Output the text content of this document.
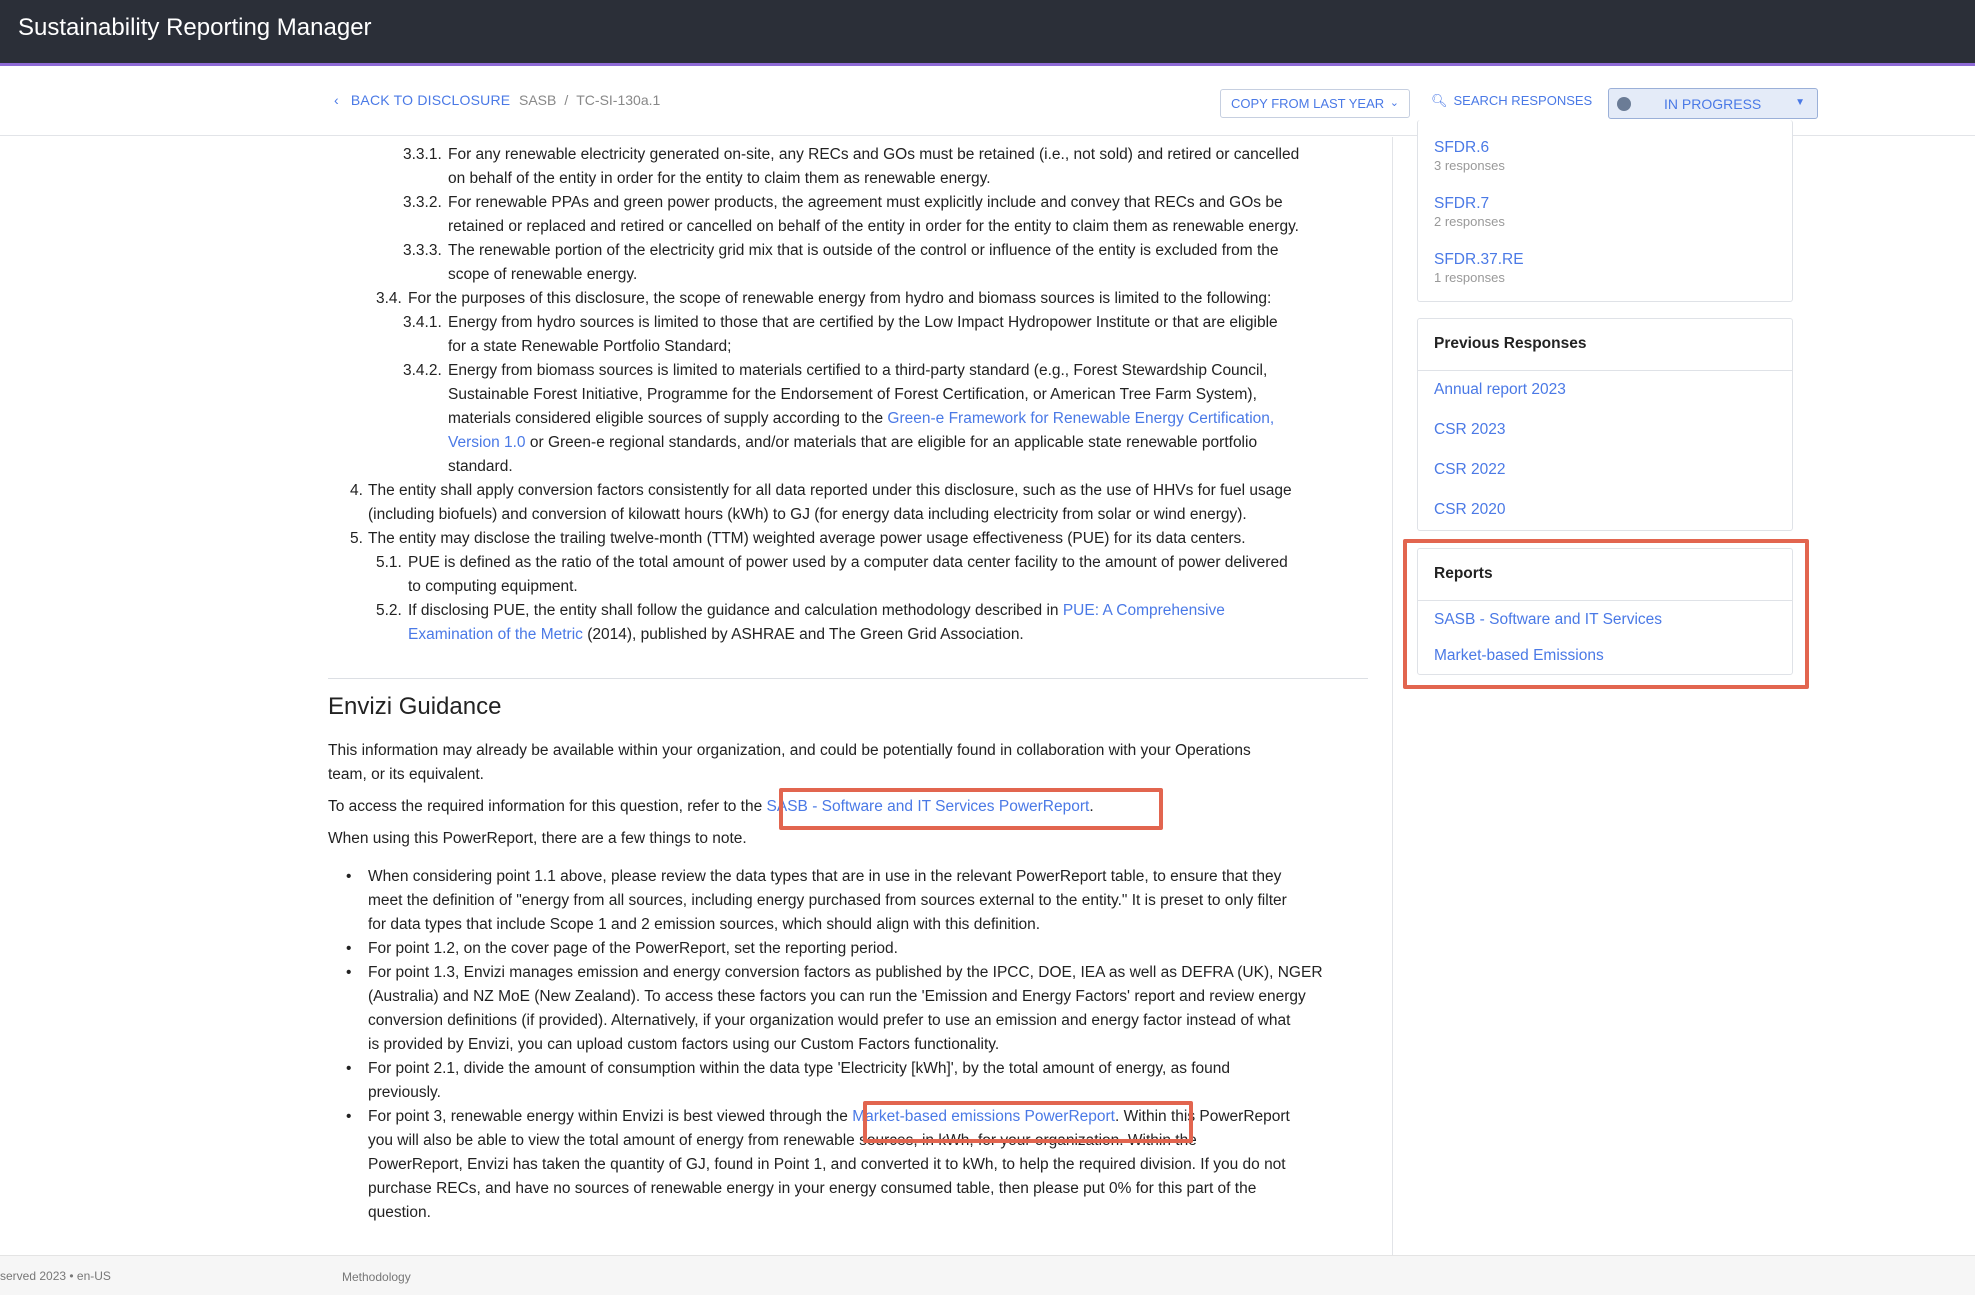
Sustainability Reporting Manager
‹ BACK TO DISCLOSURE SASB / TC-SI-130a.1	COPY FROM LAST YEAR ⌄ 🔍︎ SEARCH RESPONSES	IN PROGRESS	▼
3.3.1. For any renewable electricity generated on-site, any RECs and GOs must be retained (i.e., not sold) and retired or cancelled
on behalf of the entity in order for the entity to claim them as renewable energy.
3.3.2. For renewable PPAs and green power products, the agreement must explicitly include and convey that RECs and GOs be
retained or replaced and retired or cancelled on behalf of the entity in order for the entity to claim them as renewable energy.
3.3.3. The renewable portion of the electricity grid mix that is outside of the control or influence of the entity is excluded from the
scope of renewable energy.
3.4. For the purposes of this disclosure, the scope of renewable energy from hydro and biomass sources is limited to the following:
3.4.1. Energy from hydro sources is limited to those that are certified by the Low Impact Hydropower Institute or that are eligible
for a state Renewable Portfolio Standard;
3.4.2. Energy from biomass sources is limited to materials certified to a third-party standard (e.g., Forest Stewardship Council,
Sustainable Forest Initiative, Programme for the Endorsement of Forest Certification, or American Tree Farm System),
materials considered eligible sources of supply according to the Green-e Framework for Renewable Energy Certification,
Version 1.0 or Green-e regional standards, and/or materials that are eligible for an applicable state renewable portfolio
standard.
4. The entity shall apply conversion factors consistently for all data reported under this disclosure, such as the use of HHVs for fuel usage
(including biofuels) and conversion of kilowatt hours (kWh) to GJ (for energy data including electricity from solar or wind energy).
5. The entity may disclose the trailing twelve-month (TTM) weighted average power usage effectiveness (PUE) for its data centers.
5.1. PUE is defined as the ratio of the total amount of power used by a computer data center facility to the amount of power delivered
to computing equipment.
5.2. If disclosing PUE, the entity shall follow the guidance and calculation methodology described in PUE: A Comprehensive
Examination of the Metric (2014), published by ASHRAE and The Green Grid Association.
Envizi Guidance
This information may already be available within your organization, and could be potentially found in collaboration with your Operations
team, or its equivalent.
To access the required information for this question, refer to the SASB - Software and IT Services PowerReport.
When using this PowerReport, there are a few things to note.
• When considering point 1.1 above, please review the data types that are in use in the relevant PowerReport table, to ensure that they
meet the definition of "energy from all sources, including energy purchased from sources external to the entity." It is preset to only filter
for data types that include Scope 1 and 2 emission sources, which should align with this definition.
• For point 1.2, on the cover page of the PowerReport, set the reporting period.
• For point 1.3, Envizi manages emission and energy conversion factors as published by the IPCC, DOE, IEA as well as DEFRA (UK), NGER
(Australia) and NZ MoE (New Zealand). To access these factors you can run the 'Emission and Energy Factors' report and review energy
conversion definitions (if provided). Alternatively, if your organization would prefer to use an emission and energy factor instead of what
is provided by Envizi, you can upload custom factors using our Custom Factors functionality.
• For point 2.1, divide the amount of consumption within the data type 'Electricity [kWh]', by the total amount of energy, as found
previously.
• For point 3, renewable energy within Envizi is best viewed through the Market-based emissions PowerReport. Within this PowerReport
you will also be able to view the total amount of energy from renewable sources, in kWh, for your organization. Within the
PowerReport, Envizi has taken the quantity of GJ, found in Point 1, and converted it to kWh, to help the required division. If you do not
purchase RECs, and have no sources of renewable energy in your energy consumed table, then please put 0% for this part of the
question.
SFDR.6
3 responses
SFDR.7
2 responses
SFDR.37.RE
1 responses
Previous Responses
Annual report 2023
CSR 2023
CSR 2022
CSR 2020
Reports
SASB - Software and IT Services
Market-based Emissions
served 2023 • en-US	Methodology
